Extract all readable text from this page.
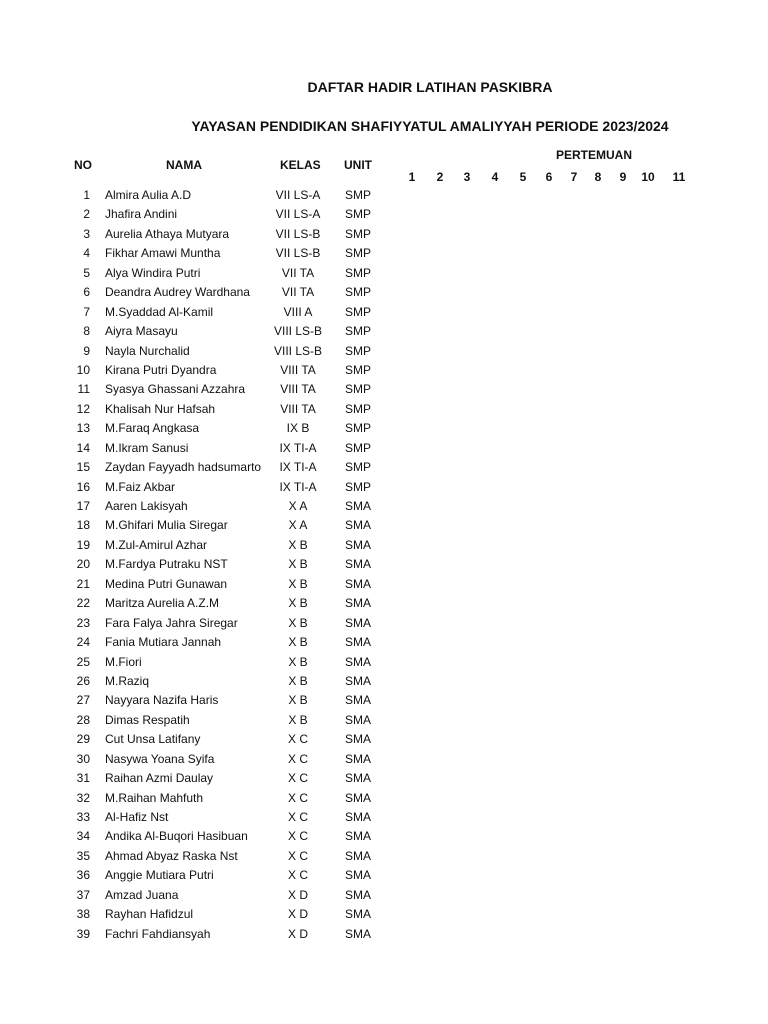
DAFTAR HADIR LATIHAN PASKIBRA
YAYASAN PENDIDIKAN SHAFIYYATUL AMALIYYAH PERIODE 2023/2024
NO	NAMA	KELAS UNIT
PERTEMUAN
1	2	3	4	5	6	7	8	9	10	11
1 Almira Aulia A.D	VII LS-A	SMP
2 Jhafira Andini	VII LS-A	SMP
3 Aurelia Athaya Mutyara	VII LS-B	SMP
4 Fikhar Amawi Muntha	VII LS-B	SMP
5 Alya Windira Putri	VII TA	SMP
6 Deandra Audrey Wardhana	VII TA	SMP
7 M.Syaddad Al-Kamil	VIII A	SMP
8 Aiyra Masayu	VIII LS-B	SMP
9 Nayla Nurchalid	VIII LS-B	SMP
10 Kirana Putri Dyandra	VIII TA	SMP
11 Syasya Ghassani Azzahra	VIII TA	SMP
12 Khalisah Nur Hafsah	VIII TA	SMP
13 M.Faraq Angkasa	IX B	SMP
14 M.Ikram Sanusi	IX TI-A	SMP
15 Zaydan Fayyadh hadsumarto	IX TI-A	SMP
16 M.Faiz Akbar	IX TI-A	SMP
17 Aaren Lakisyah	X A	SMA
18 M.Ghifari Mulia Siregar	X A	SMA
19 M.Zul-Amirul Azhar	X B	SMA
20 M.Fardya Putraku NST	X B	SMA
21 Medina Putri Gunawan	X B	SMA
22 Maritza Aurelia A.Z.M	X B	SMA
23 Fara Falya Jahra Siregar	X B	SMA
24 Fania Mutiara Jannah	X B	SMA
25 M.Fiori	X B	SMA
26 M.Raziq	X B	SMA
27 Nayyara Nazifa Haris	X B	SMA
28 Dimas Respatih	X B	SMA
29 Cut Unsa Latifany	X C	SMA
30 Nasywa Yoana Syifa	X C	SMA
31 Raihan Azmi Daulay	X C	SMA
32 M.Raihan Mahfuth	X C	SMA
33 Al-Hafiz Nst	X C	SMA
34 Andika Al-Buqori Hasibuan	X C	SMA
35 Ahmad Abyaz Raska Nst	X C	SMA
36 Anggie Mutiara Putri	X C	SMA
37 Amzad Juana	X D	SMA
38 Rayhan Hafidzul	X D	SMA
39 Fachri Fahdiansyah	X D	SMA
